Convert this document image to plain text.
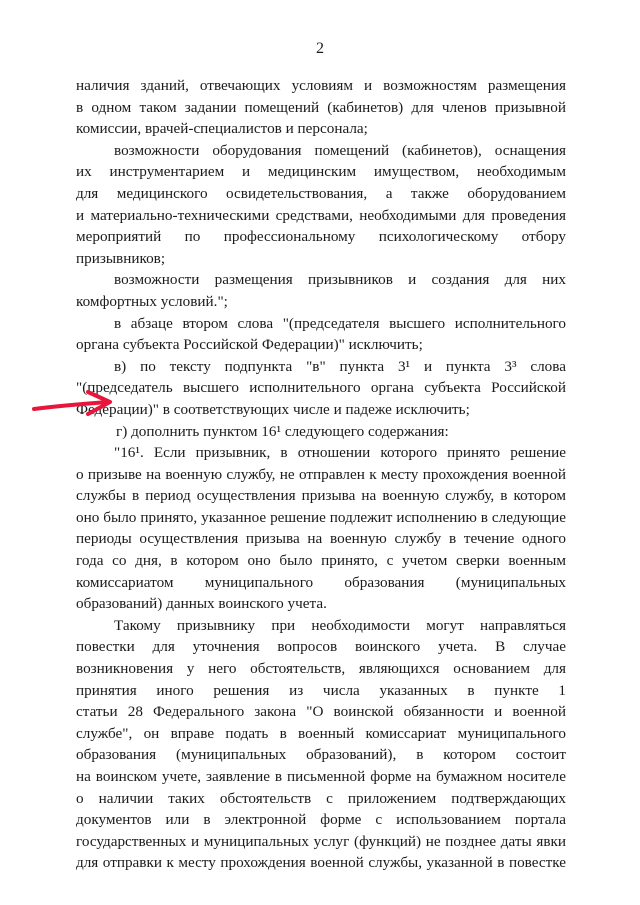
2
наличия зданий, отвечающих условиям и возможностям размещения
в одном таком задании помещений (кабинетов) для членов призывной
комиссии, врачей-специалистов и персонала;
возможности оборудования помещений (кабинетов), оснащения
их инструментарием и медицинским имуществом, необходимым
для медицинского освидетельствования, а также оборудованием
и материально-техническими средствами, необходимыми для проведения
мероприятий по профессиональному психологическому отбору
призывников;
возможности размещения призывников и создания для них
комфортных условий.";
в абзаце втором слова "(председателя высшего исполнительного
органа субъекта Российской Федерации)" исключить;
в) по тексту подпункта "в" пункта 3¹ и пункта 3³ слова
"(председатель высшего исполнительного органа субъекта Российской
Федерации)" в соответствующих числе и падеже исключить;
г) дополнить пунктом 16¹ следующего содержания:
"16¹. Если призывник, в отношении которого принято решение
о призыве на военную службу, не отправлен к месту прохождения военной
службы в период осуществления призыва на военную службу, в котором
оно было принято, указанное решение подлежит исполнению в следующие
периоды осуществления призыва на военную службу в течение одного
года со дня, в котором оно было принято, с учетом сверки военным
комиссариатом муниципального образования (муниципальных
образований) данных воинского учета.
Такому призывнику при необходимости могут направляться
повестки для уточнения вопросов воинского учета. В случае
возникновения у него обстоятельств, являющихся основанием для
принятия иного решения из числа указанных в пункте 1
статьи 28 Федерального закона "О воинской обязанности и военной
службе", он вправе подать в военный комиссариат муниципального
образования (муниципальных образований), в котором состоит
на воинском учете, заявление в письменной форме на бумажном носителе
о наличии таких обстоятельств с приложением подтверждающих
документов или в электронной форме с использованием портала
государственных и муниципальных услуг (функций) не позднее даты явки
для отправки к месту прохождения военной службы, указанной в повестке
